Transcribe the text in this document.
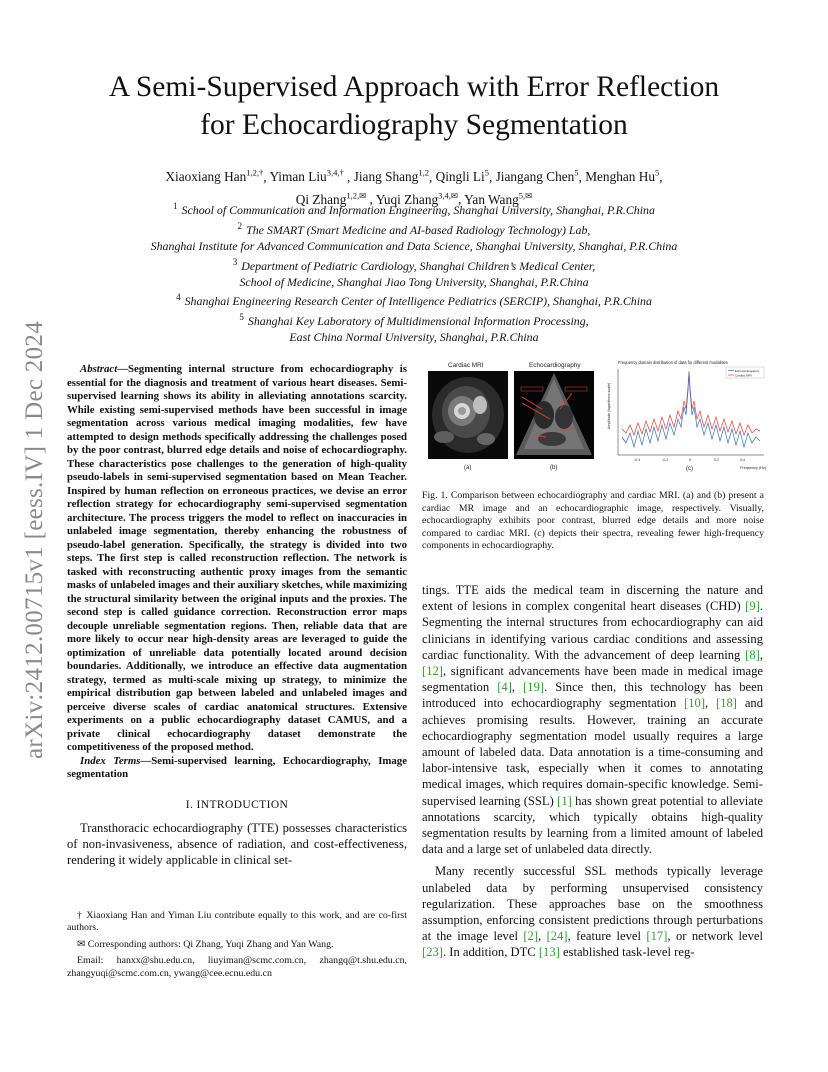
arXiv:2412.00715v1 [eess.IV] 1 Dec 2024
A Semi-Supervised Approach with Error Reflection
for Echocardiography Segmentation
Xiaoxiang Han$^{1,2,\dagger}$, Yiman Liu$^{3,4,\dagger}$ , Jiang Shang$^{1,2}$, Qingli Li$^5$, Jiangang Chen$^5$, Menghan Hu$^5$,
Qi Zhang$^{1,2,✉}$ , Yuqi Zhang$^{3,4,✉}$, Yan Wang$^{5,✉}$
$^1$ School of Communication and Information Engineering, Shanghai University, Shanghai, P.R.China
$^2$ The SMART (Smart Medicine and AI-based Radiology Technology) Lab,
Shanghai Institute for Advanced Communication and Data Science, Shanghai University, Shanghai, P.R.China
$^3$ Department of Pediatric Cardiology, Shanghai Children’s Medical Center,
School of Medicine, Shanghai Jiao Tong University, Shanghai, P.R.China
$^4$ Shanghai Engineering Research Center of Intelligence Pediatrics (SERCIP), Shanghai, P.R.China
$^5$ Shanghai Key Laboratory of Multidimensional Information Processing,
East China Normal University, Shanghai, P.R.China

Abstract—Segmenting internal structure from echocardiography is essential for the diagnosis and treatment of various heart diseases. Semi-supervised learning shows its ability in alleviating annotations scarcity. While existing semi-supervised methods have been successful in image segmentation across various medical imaging modalities, few have attempted to design methods specifically addressing the challenges posed by the poor contrast, blurred edge details and noise of echocardiography. These characteristics pose challenges to the generation of high-quality pseudo-labels in semi-supervised segmentation based on Mean Teacher. Inspired by human reflection on erroneous practices, we devise an error reflection strategy for echocardiography semi-supervised segmentation architecture. The process triggers the model to reflect on inaccuracies in unlabeled image segmentation, thereby enhancing the robustness of pseudo-label generation. Specifically, the strategy is divided into two steps. The first step is called reconstruction reflection. The network is tasked with reconstructing authentic proxy images from the semantic masks of unlabeled images and their auxiliary sketches, while maximizing the structural similarity between the original inputs and the proxies. The second step is called guidance correction. Reconstruction error maps decouple unreliable segmentation regions. Then, reliable data that are more likely to occur near high-density areas are leveraged to guide the optimization of unreliable data potentially located around decision boundaries. Additionally, we introduce an effective data augmentation strategy, termed as multi-scale mixing up strategy, to minimize the empirical distribution gap between labeled and unlabeled images and perceive diverse scales of cardiac anatomical structures. Extensive experiments on a public echocardiography dataset CAMUS, and a private clinical echocardiography dataset demonstrate the competitiveness of the proposed method.

Index Terms—Semi-supervised learning, Echocardiography, Image segmentation

I. INTRODUCTION

Transthoracic echocardiography (TTE) possesses characteristics of non-invasiveness, absence of radiation, and cost-effectiveness, rendering it widely applicable in clinical set-

† Xiaoxiang Han and Yiman Liu contribute equally to this work, and are co-first authors.

✉ Corresponding authors: Qi Zhang, Yuqi Zhang and Yan Wang.

Email: hanxx@shu.edu.cn, liuyiman@scmc.com.cn, zhangq@t.shu.edu.cn, zhangyuqi@scmc.com.cn, ywang@cee.ecnu.edu.cn

Cardiac MRI	Echocardiography
(a)	(b)
Frequency domain distribution of data for different modalities
Amplitude (logarithmic scale)
-0.4	-0.2	0	0.2	0.4
Frequency (Hz)
(c)
Echocardiography
Cardiac MRI
Fig. 1. Comparison between echocardiography and cardiac MRI. (a) and (b) present a cardiac MR image and an echocardiographic image, respectively. Visually, echocardiography exhibits poor contrast, blurred edge details and more noise compared to cardiac MRI. (c) depicts their spectra, revealing fewer high-frequency components in echocardiography.

tings. TTE aids the medical team in discerning the nature and extent of lesions in complex congenital heart diseases (CHD) [9]. Segmenting the internal structures from echocardiography can aid clinicians in identifying various cardiac conditions and assessing cardiac functionality. With the advancement of deep learning [8], [12], significant advancements have been made in medical image segmentation [4], [19]. Since then, this technology has been introduced into echocardiography segmentation [10], [18] and achieves promising results. However, training an accurate echocardiography segmentation model usually requires a large amount of labeled data. Data annotation is a time-consuming and labor-intensive task, especially when it comes to annotating medical images, which requires domain-specific knowledge. Semi-supervised learning (SSL) [1] has shown great potential to alleviate annotations scarcity, which typically obtains high-quality segmentation results by learning from a limited amount of labeled data and a large set of unlabeled data directly.

Many recently successful SSL methods typically leverage unlabeled data by performing unsupervised consistency regularization. These approaches base on the smoothness assumption, enforcing consistent predictions through perturbations at the image level [2], [24], feature level [17], or network level [23]. In addition, DTC [13] established task-level reg-
